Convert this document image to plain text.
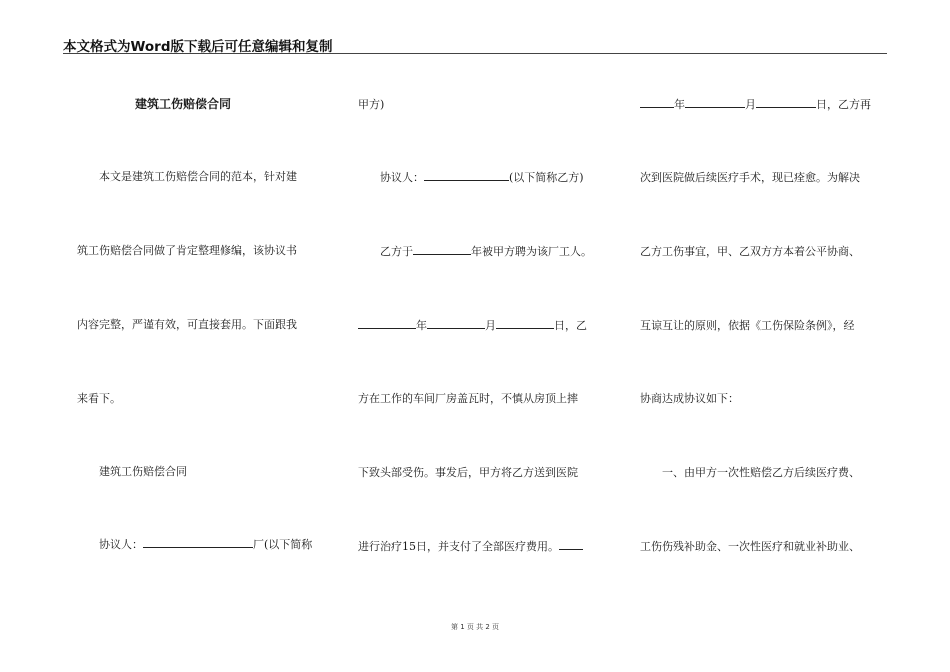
本文格式为Word版下载后可任意编辑和复制

建筑工伤赔偿合同

本文是建筑工伤赔偿合同的范本，针对建

筑工伤赔偿合同做了肯定整理修编，该协议书

内容完整，严谨有效，可直接套用。下面跟我

来看下。

建筑工伤赔偿合同

协议人：	厂(以下简称

甲方)

协议人：	(以下简称乙方)

乙方于	年被甲方聘为该厂工人。

年	月	日，乙

方在工作的车间厂房盖瓦时，不慎从房顶上摔

下致头部受伤。事发后，甲方将乙方送到医院

进行治疗15日，并支付了全部医疗费用。

年	月	日，乙方再

次到医院做后续医疗手术，现已痊愈。为解决

乙方工伤事宜，甲、乙双方方本着公平协商、

互谅互让的原则，依据《工伤保险条例》，经

协商达成协议如下：

一、由甲方一次性赔偿乙方后续医疗费、

工伤伤残补助金、一次性医疗和就业补助业、

第 1 页 共 2 页
